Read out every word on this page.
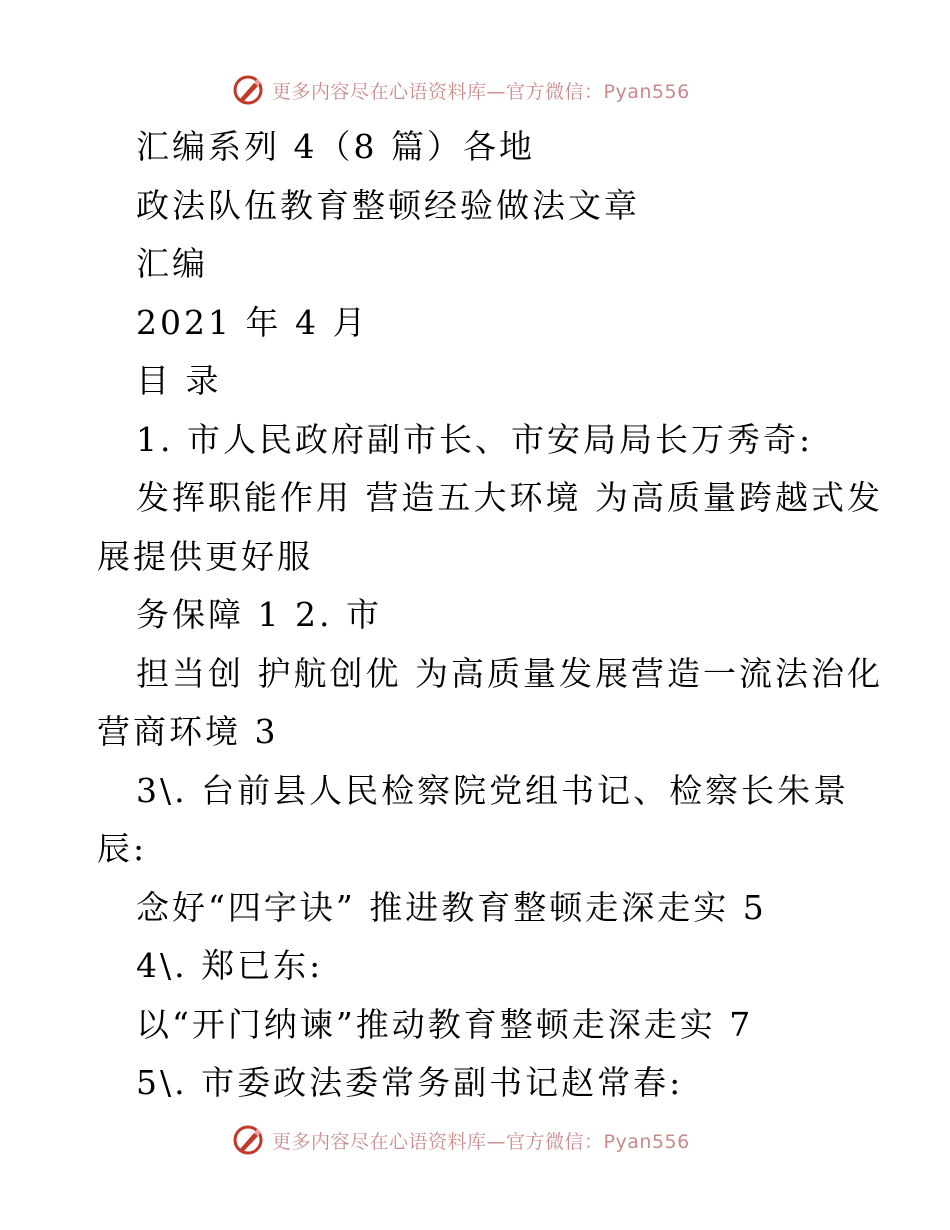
更多内容尽在心语资料库—官方微信：Pyan556
汇编系列 4（8 篇）各地
政法队伍教育整顿经验做法文章
汇编
2021 年 4 月
目 录
1. 市人民政府副市长、市安局局长万秀奇:
发挥职能作用 营造五大环境 为高质量跨越式发
展提供更好服
务保障 1 2. 市
担当创 护航创优 为高质量发展营造一流法治化
营商环境 3
3\. 台前县人民检察院党组书记、检察长朱景
辰:
念好“四字诀” 推进教育整顿走深走实 5
4\. 郑已东:
以“开门纳谏”推动教育整顿走深走实 7
5\. 市委政法委常务副书记赵常春:
更多内容尽在心语资料库—官方微信：Pyan556
